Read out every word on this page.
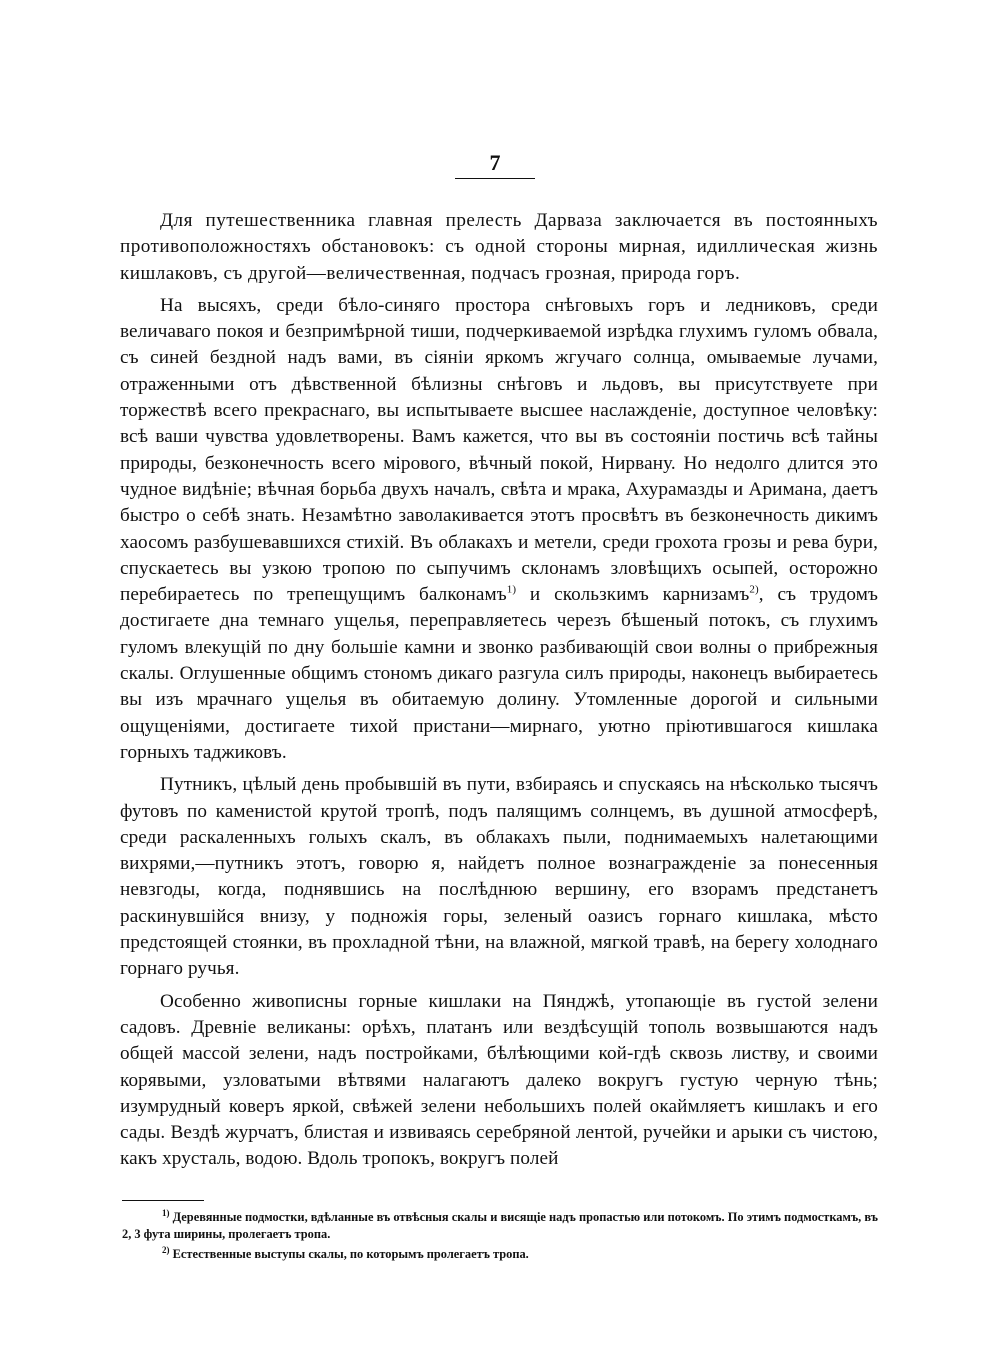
7

Для путешественника главная прелесть Дарваза заключается въ постоянныхъ противоположностяхъ обстановокъ: съ одной стороны мирная, идиллическая жизнь кишлаковъ, съ другой—величественная, подчасъ грозная, природа горъ.

На высяхъ, среди бѣло-синяго простора снѣговыхъ горъ и ледниковъ, среди величаваго покоя и безпримѣрной тиши, подчеркиваемой изрѣдка глухимъ гуломъ обвала, съ синей бездной надъ вами, въ сіяніи яркомъ жгучаго солнца, омываемые лучами, отраженными отъ дѣвственной бѣлизны снѣговъ и льдовъ, вы присутствуете при торжествѣ всего прекраснаго, вы испытываете высшее наслажденіе, доступное человѣку: всѣ ваши чувства удовлетворены. Вамъ кажется, что вы въ состояніи постичь всѣ тайны природы, безконечность всего мірового, вѣчный покой, Нирвану. Но недолго длится это чудное видѣніе; вѣчная борьба двухъ началъ, свѣта и мрака, Ахурамазды и Аримана, даетъ быстро о себѣ знать. Незамѣтно заволакивается этотъ просвѣтъ въ безконечность дикимъ хаосомъ разбушевавшихся стихій. Въ облакахъ и метели, среди грохота грозы и рева бури, спускаетесь вы узкою тропою по сыпучимъ склонамъ зловѣщихъ осыпей, осторожно перебираетесь по трепещущимъ балконамъ$^{1)}$ и скользкимъ карнизамъ$^{2)}$, съ трудомъ достигаете дна темнаго ущелья, переправляетесь черезъ бѣшеный потокъ, съ глухимъ гуломъ влекущій по дну большіе камни и звонко разбивающій свои волны о прибрежныя скалы. Оглушенные общимъ стономъ дикаго разгула силъ природы, наконецъ выбираетесь вы изъ мрачнаго ущелья въ обитаемую долину. Утомленные дорогой и сильными ощущеніями, достигаете тихой пристани—мирнаго, уютно пріютившагося кишлака горныхъ таджиковъ.

Путникъ, цѣлый день пробывшій въ пути, взбираясь и спускаясь на нѣсколько тысячъ футовъ по каменистой крутой тропѣ, подъ палящимъ солнцемъ, въ душной атмосферѣ, среди раскаленныхъ голыхъ скалъ, въ облакахъ пыли, поднимаемыхъ налетающими вихрями,—путникъ этотъ, говорю я, найдетъ полное вознагражденіе за понесенныя невзгоды, когда, поднявшись на послѣднюю вершину, его взорамъ предстанетъ раскинувшійся внизу, у подножія горы, зеленый оазисъ горнаго кишлака, мѣсто предстоящей стоянки, въ прохладной тѣни, на влажной, мягкой травѣ, на берегу холоднаго горнаго ручья.

Особенно живописны горные кишлаки на Пянджѣ, утопающіе въ густой зелени садовъ. Древніе великаны: орѣхъ, платанъ или вездѣсущій тополь возвышаются надъ общей массой зелени, надъ постройками, бѣлѣющими кой-гдѣ сквозь листву, и своими корявыми, узловатыми вѣтвями налагаютъ далеко вокругъ густую черную тѣнь; изумрудный коверъ яркой, свѣжей зелени небольшихъ полей окаймляетъ кишлакъ и его сады. Вездѣ журчатъ, блистая и извиваясь серебряной лентой, ручейки и арыки съ чистою, какъ хрусталь, водою. Вдоль тропокъ, вокругъ полей

$^{1)}$ Деревянные подмостки, вдѣланные въ отвѣсныя скалы и висящіе надъ пропастью или потокомъ. По этимъ подмосткамъ, въ 2, 3 фута ширины, пролегаетъ тропа.

$^{2)}$ Естественные выступы скалы, по которымъ пролегаетъ тропа.
